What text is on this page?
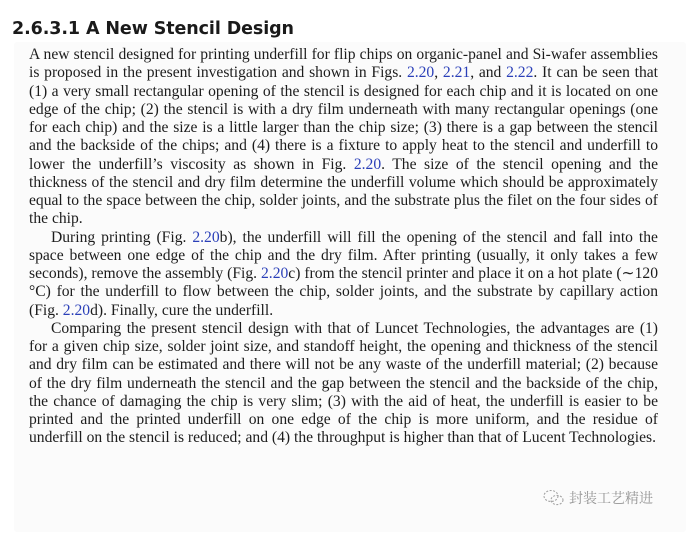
2.6.3.1 A New Stencil Design

A new stencil designed for printing underfill for flip chips on organic-panel and Si-wafer assemblies is proposed in the present investigation and shown in Figs. 2.20, 2.21, and 2.22. It can be seen that (1) a very small rectangular opening of the stencil is designed for each chip and it is located on one edge of the chip; (2) the stencil is with a dry film underneath with many rectangular openings (one for each chip) and the size is a little larger than the chip size; (3) there is a gap between the stencil and the backside of the chips; and (4) there is a fixture to apply heat to the stencil and underfill to lower the underfill’s viscosity as shown in Fig. 2.20. The size of the stencil opening and the thickness of the stencil and dry film determine the underfill volume which should be approximately equal to the space between the chip, solder joints, and the substrate plus the filet on the four sides of the chip.

During printing (Fig. 2.20b), the underfill will fill the opening of the stencil and fall into the space between one edge of the chip and the dry film. After printing (usually, it only takes a few seconds), remove the assembly (Fig. 2.20c) from the stencil printer and place it on a hot plate (∼120 °C) for the underfill to flow between the chip, solder joints, and the substrate by capillary action (Fig. 2.20d). Finally, cure the underfill.

Comparing the present stencil design with that of Luncet Technologies, the advantages are (1) for a given chip size, solder joint size, and standoff height, the opening and thickness of the stencil and dry film can be estimated and there will not be any waste of the underfill material; (2) because of the dry film underneath the stencil and the gap between the stencil and the backside of the chip, the chance of damaging the chip is very slim; (3) with the aid of heat, the underfill is easier to be printed and the printed underfill on one edge of the chip is more uniform, and the residue of underfill on the stencil is reduced; and (4) the throughput is higher than that of Lucent Technologies.

封装工艺精进
